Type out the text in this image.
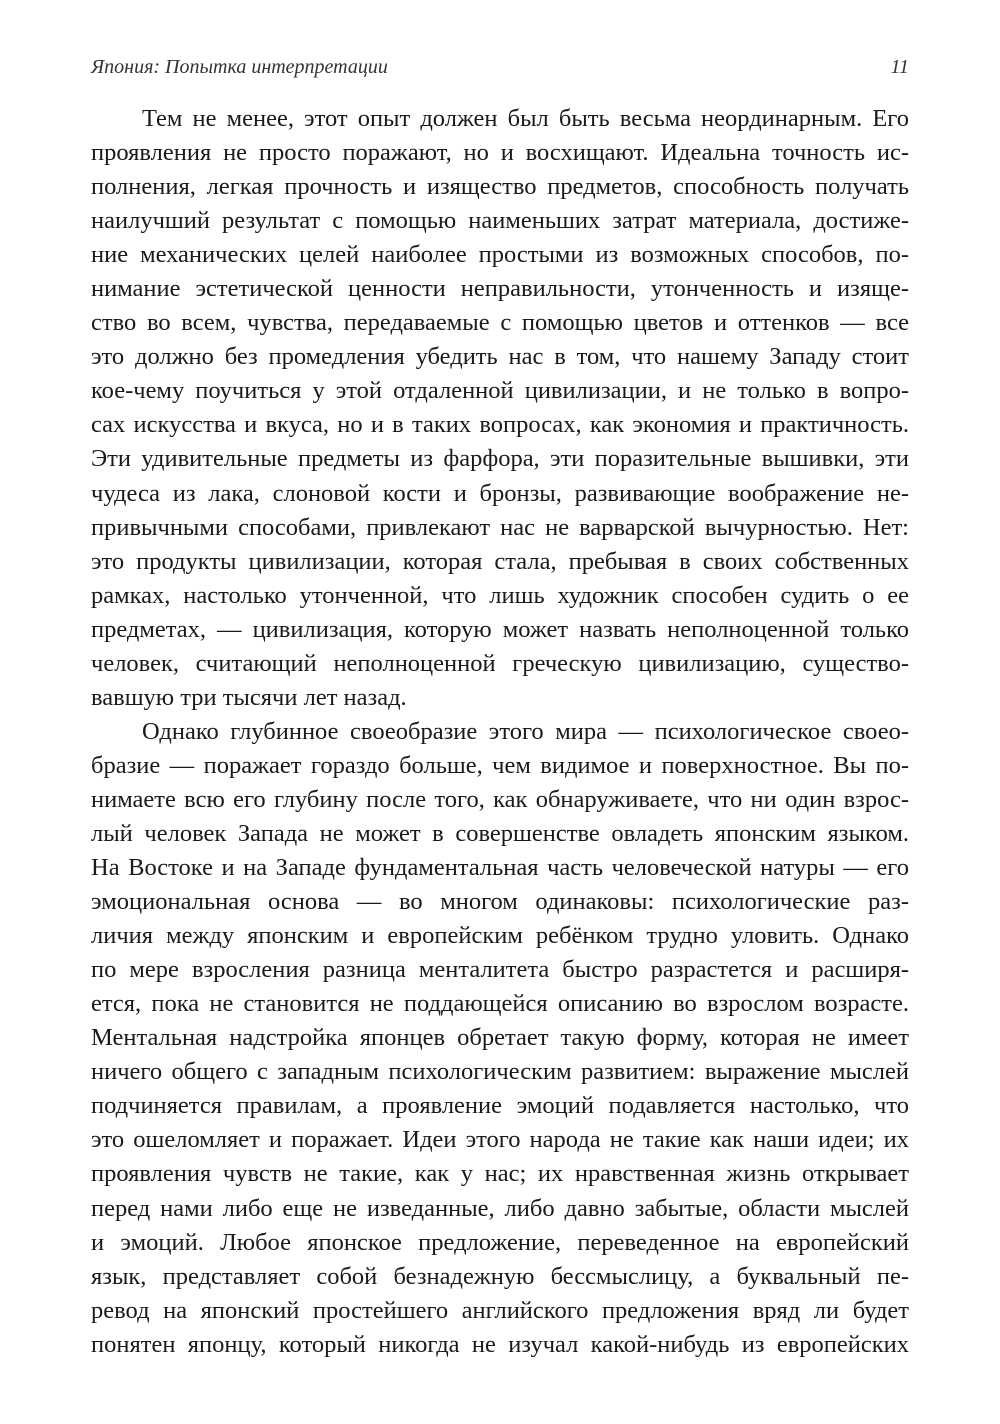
Япония: Попытка интерпретации	11

Тем не менее, этот опыт должен был быть весьма неординарным. Его
проявления не просто поражают, но и восхищают. Идеальна точность ис-
полнения, легкая прочность и изящество предметов, способность получать
наилучший результат с помощью наименьших затрат материала, достиже-
ние механических целей наиболее простыми из возможных способов, по-
нимание эстетической ценности неправильности, утонченность и изяще-
ство во всем, чувства, передаваемые с помощью цветов и оттенков — все
это должно без промедления убедить нас в том, что нашему Западу стоит
кое-чему поучиться у этой отдаленной цивилизации, и не только в вопро-
сах искусства и вкуса, но и в таких вопросах, как экономия и практичность.
Эти удивительные предметы из фарфора, эти поразительные вышивки, эти
чудеса из лака, слоновой кости и бронзы, развивающие воображение не-
привычными способами, привлекают нас не варварской вычурностью. Нет:
это продукты цивилизации, которая стала, пребывая в своих собственных
рамках, настолько утонченной, что лишь художник способен судить о ее
предметах, — цивилизация, которую может назвать неполноценной только
человек, считающий неполноценной греческую цивилизацию, существо-
вавшую три тысячи лет назад.

Однако глубинное своеобразие этого мира — психологическое своео-
бразие — поражает гораздо больше, чем видимое и поверхностное. Вы по-
нимаете всю его глубину после того, как обнаруживаете, что ни один взрос-
лый человек Запада не может в совершенстве овладеть японским языком.
На Востоке и на Западе фундаментальная часть человеческой натуры — его
эмоциональная основа — во многом одинаковы: психологические раз-
личия между японским и европейским ребёнком трудно уловить. Однако
по мере взросления разница менталитета быстро разрастется и расширя-
ется, пока не становится не поддающейся описанию во взрослом возрасте.
Ментальная надстройка японцев обретает такую форму, которая не имеет
ничего общего с западным психологическим развитием: выражение мыслей
подчиняется правилам, а проявление эмоций подавляется настолько, что
это ошеломляет и поражает. Идеи этого народа не такие как наши идеи; их
проявления чувств не такие, как у нас; их нравственная жизнь открывает
перед нами либо еще не изведанные, либо давно забытые, области мыслей
и эмоций. Любое японское предложение, переведенное на европейский
язык, представляет собой безнадежную бессмыслицу, а буквальный пе-
ревод на японский простейшего английского предложения вряд ли будет
понятен японцу, который никогда не изучал какой-нибудь из европейских
